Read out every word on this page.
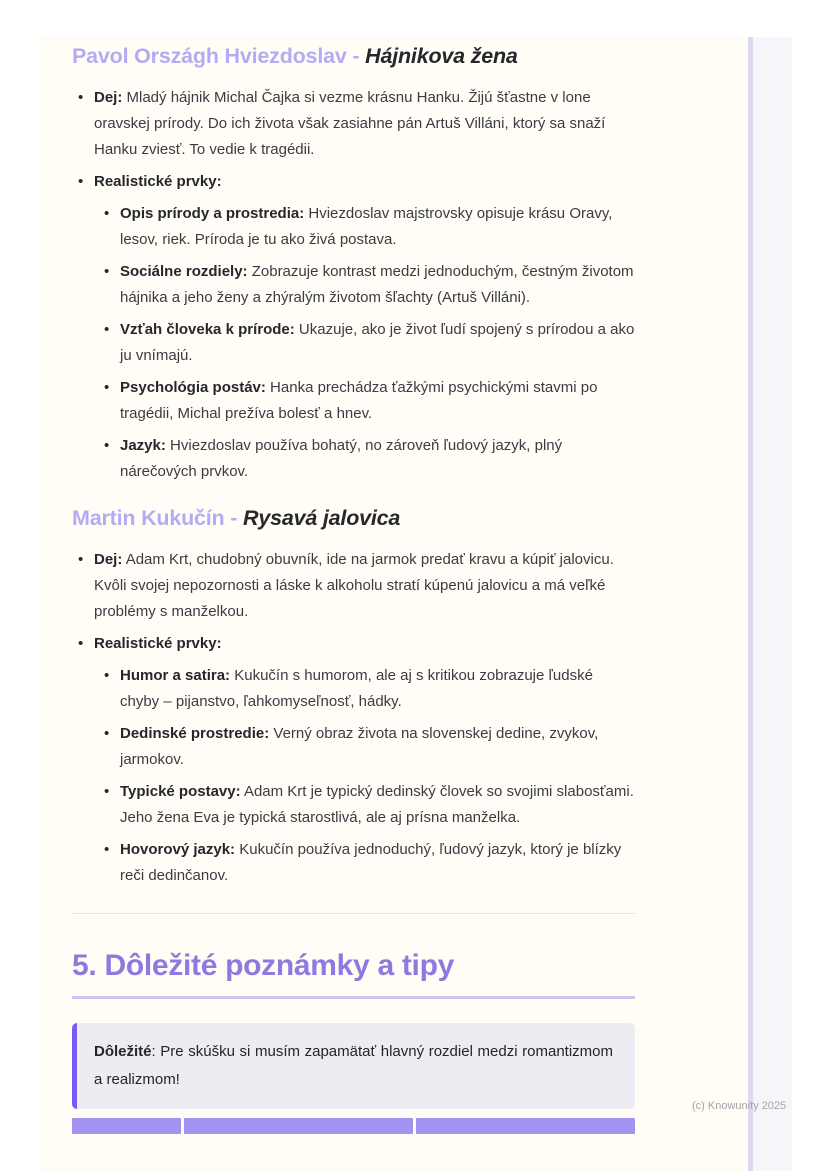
Pavol Országh Hviezdoslav - Hájnikova žena
• Dej: Mladý hájnik Michal Čajka si vezme krásnu Hanku. Žijú šťastne v lone oravskej prírody. Do ich života však zasiahne pán Artuš Villáni, ktorý sa snaží Hanku zviesť. To vedie k tragédii.
• Realistické prvky:
• Opis prírody a prostredia: Hviezdoslav majstrovsky opisuje krásu Oravy, lesov, riek. Príroda je tu ako živá postava.
• Sociálne rozdiely: Zobrazuje kontrast medzi jednoduchým, čestným životom hájnika a jeho ženy a zhýralým životom šľachty (Artuš Villáni).
• Vzťah človeka k prírode: Ukazuje, ako je život ľudí spojený s prírodou a ako ju vnímajú.
• Psychológia postáv: Hanka prechádza ťažkými psychickými stavmi po tragédii, Michal prežíva bolesť a hnev.
• Jazyk: Hviezdoslav používa bohatý, no zároveň ľudový jazyk, plný nárečových prvkov.
Martin Kukučín - Rysavá jalovica
• Dej: Adam Krt, chudobný obuvník, ide na jarmok predať kravu a kúpiť jalovicu. Kvôli svojej nepozornosti a láske k alkoholu stratí kúpenú jalovicu a má veľké problémy s manželkou.
• Realistické prvky:
• Humor a satira: Kukučín s humorom, ale aj s kritikou zobrazuje ľudské chyby – pijanstvo, ľahkomyseľnosť, hádky.
• Dedinské prostredie: Verný obraz života na slovenskej dedine, zvykov, jarmokov.
• Typické postavy: Adam Krt je typický dedinský človek so svojimi slabosťami. Jeho žena Eva je typická starostlivá, ale aj prísna manželka.
• Hovorový jazyk: Kukučín používa jednoduchý, ľudový jazyk, ktorý je blízky reči dedinčanov.
5. Dôležité poznámky a tipy

Dôležité: Pre skúšku si musím zapamätať hlavný rozdiel medzi romantizmom a realizmom!

(c) Knowunity 2025
